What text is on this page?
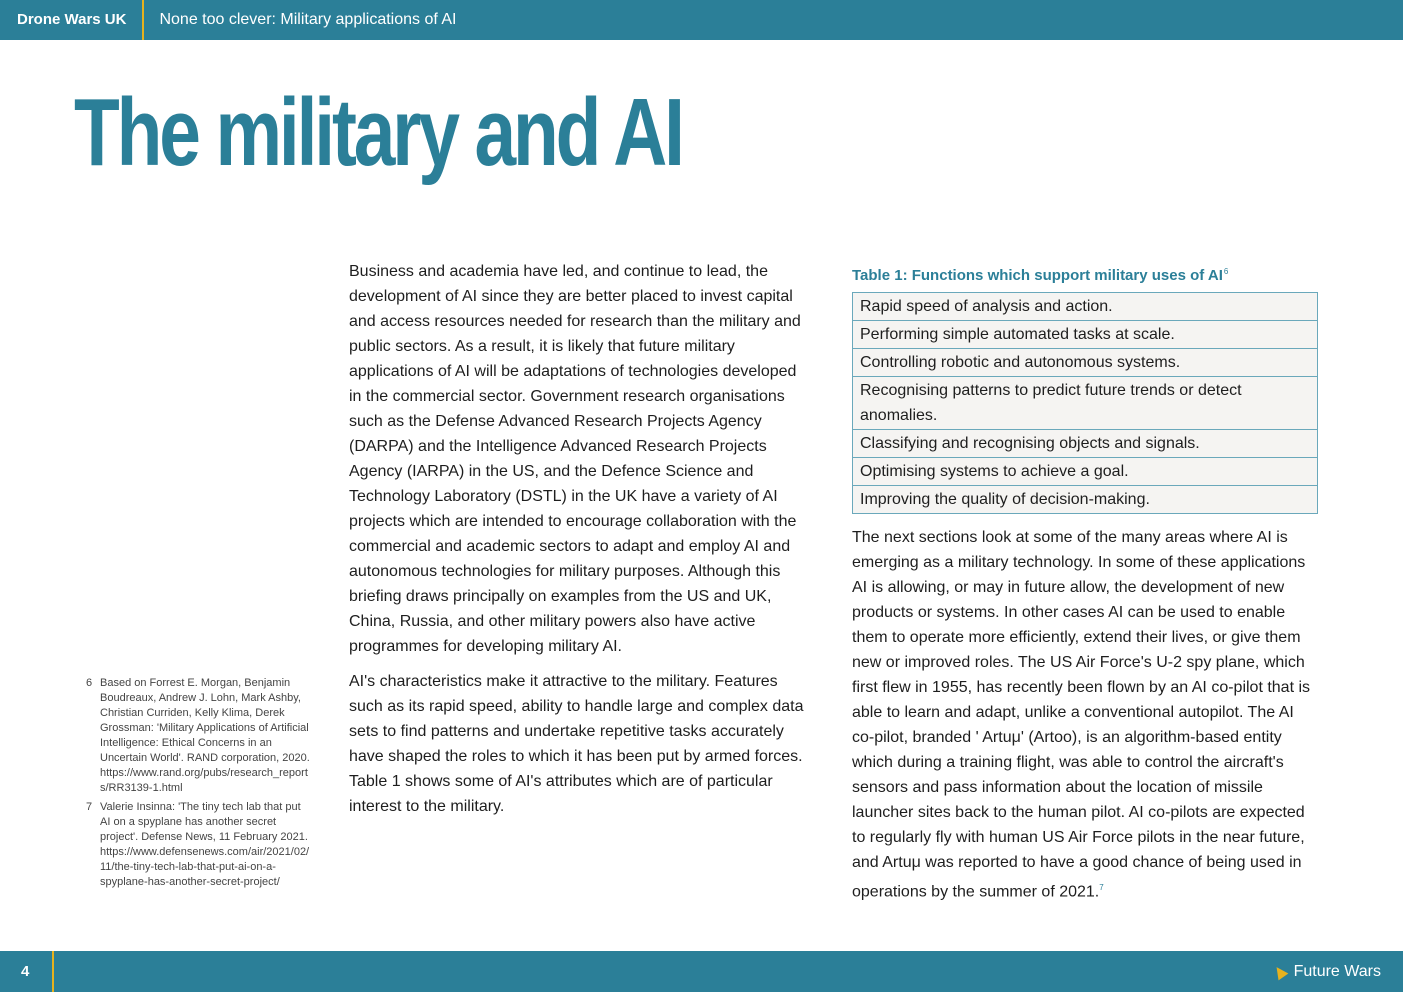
Drone Wars UK	None too clever: Military applications of AI
The military and AI
6 Based on Forrest E. Morgan, Benjamin Boudreaux, Andrew J. Lohn, Mark Ashby, Christian Curriden, Kelly Klima, Derek Grossman: 'Military Applications of Artificial Intelligence: Ethical Concerns in an Uncertain World'. RAND corporation, 2020. https://www.rand.org/pubs/research_reports/RR3139-1.html
7 Valerie Insinna: 'The tiny tech lab that put AI on a spyplane has another secret project'. Defense News, 11 February 2021. https://www.defensenews.com/air/2021/02/11/the-tiny-tech-lab-that-put-ai-on-a-spyplane-has-another-secret-project/

Business and academia have led, and continue to lead, the development of AI since they are better placed to invest capital and access resources needed for research than the military and public sectors. As a result, it is likely that future military applications of AI will be adaptations of technologies developed in the commercial sector. Government research organisations such as the Defense Advanced Research Projects Agency (DARPA) and the Intelligence Advanced Research Projects Agency (IARPA) in the US, and the Defence Science and Technology Laboratory (DSTL) in the UK have a variety of AI projects which are intended to encourage collaboration with the commercial and academic sectors to adapt and employ AI and autonomous technologies for military purposes. Although this briefing draws principally on examples from the US and UK, China, Russia, and other military powers also have active programmes for developing military AI.

AI's characteristics make it attractive to the military. Features such as its rapid speed, ability to handle large and complex data sets to find patterns and undertake repetitive tasks accurately have shaped the roles to which it has been put by armed forces. Table 1 shows some of AI's attributes which are of particular interest to the military.

Table 1: Functions which support military uses of $AI^6$
Rapid speed of analysis and action.
Performing simple automated tasks at scale.
Controlling robotic and autonomous systems.
Recognising patterns to predict future trends or detect anomalies.
Classifying and recognising objects and signals.
Optimising systems to achieve a goal.
Improving the quality of decision-making.

The next sections look at some of the many areas where AI is emerging as a military technology. In some of these applications AI is allowing, or may in future allow, the development of new products or systems. In other cases AI can be used to enable them to operate more efficiently, extend their lives, or give them new or improved roles. The US Air Force's U-2 spy plane, which first flew in 1955, has recently been flown by an AI co-pilot that is able to learn and adapt, unlike a conventional autopilot. The AI co-pilot, branded ' Artuμ' (Artoo), is an algorithm-based entity which during a training flight, was able to control the aircraft's sensors and pass information about the location of missile launcher sites back to the human pilot. AI co-pilots are expected to regularly fly with human US Air Force pilots in the near future, and Artuμ was reported to have a good chance of being used in operations by the summer of 2021.$^7$

4	Future Wars
